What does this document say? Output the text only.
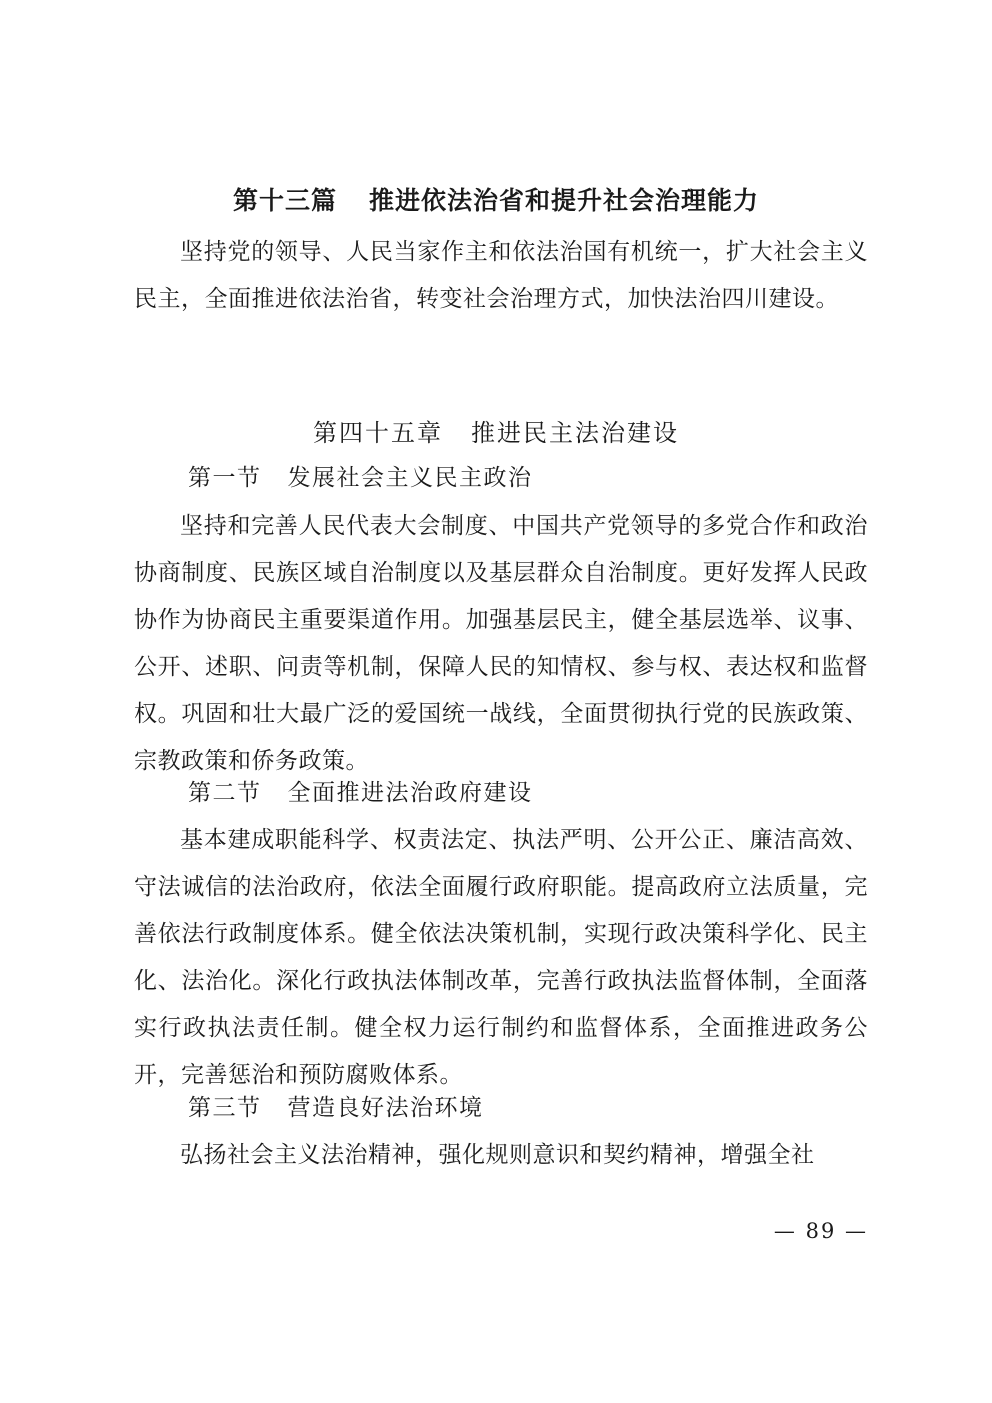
第十三篇 推进依法治省和提升社会治理能力
坚持党的领导、人民当家作主和依法治国有机统一，扩大社会主义民主，全面推进依法治省，转变社会治理方式，加快法治四川建设。
第四十五章 推进民主法治建设
第一节 发展社会主义民主政治
坚持和完善人民代表大会制度、中国共产党领导的多党合作和政治协商制度、民族区域自治制度以及基层群众自治制度。更好发挥人民政协作为协商民主重要渠道作用。加强基层民主，健全基层选举、议事、公开、述职、问责等机制，保障人民的知情权、参与权、表达权和监督权。巩固和壮大最广泛的爱国统一战线，全面贯彻执行党的民族政策、宗教政策和侨务政策。
第二节 全面推进法治政府建设
基本建成职能科学、权责法定、执法严明、公开公正、廉洁高效、守法诚信的法治政府，依法全面履行政府职能。提高政府立法质量，完善依法行政制度体系。健全依法决策机制，实现行政决策科学化、民主化、法治化。深化行政执法体制改革，完善行政执法监督体制，全面落实行政执法责任制。健全权力运行制约和监督体系，全面推进政务公开，完善惩治和预防腐败体系。
第三节 营造良好法治环境
弘扬社会主义法治精神，强化规则意识和契约精神，增强全社
— 89 —
